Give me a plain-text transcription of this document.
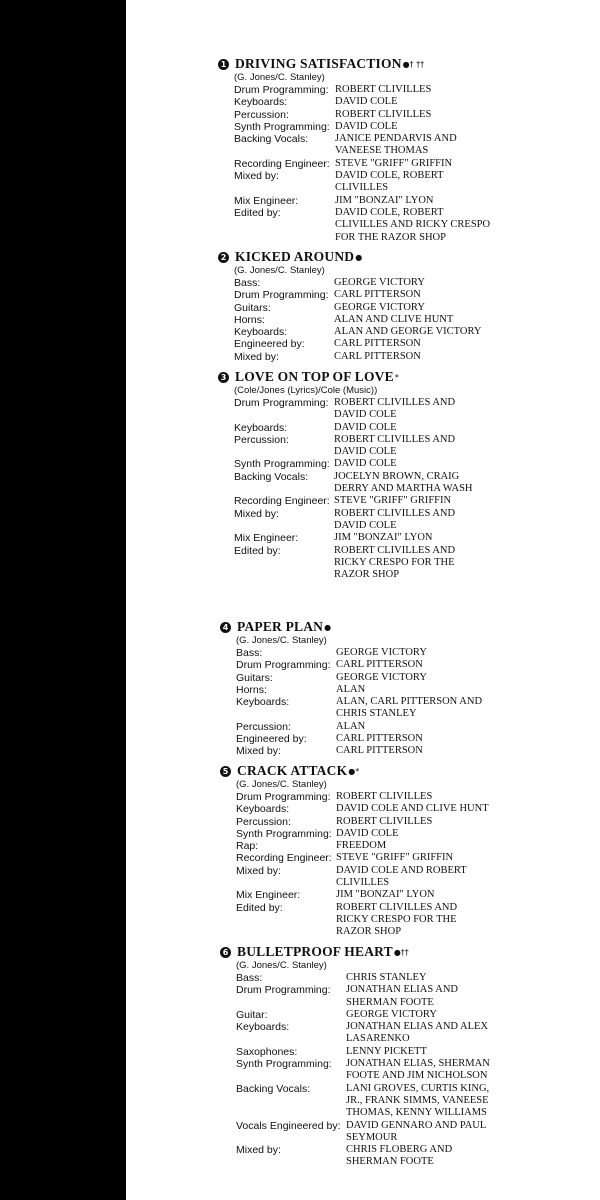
1 DRIVING SATISFACTION ●† ††
(G. Jones/C. Stanley)
Drum Programming: ROBERT CLIVILLES
Keyboards:	DAVID COLE
Percussion:	ROBERT CLIVILLES
Synth Programming: DAVID COLE
Backing Vocals:	JANICE PENDARVIS AND
VANEESE THOMAS
Recording Engineer: STEVE "GRIFF" GRIFFIN
Mixed by:	DAVID COLE, ROBERT
CLIVILLES
Mix Engineer:	JIM "BONZAI" LYON
Edited by:	DAVID COLE, ROBERT
CLIVILLES AND RICKY CRESPO
FOR THE RAZOR SHOP
2 KICKED AROUND ●
(G. Jones/C. Stanley)
Bass:	GEORGE VICTORY
Drum Programming: CARL PITTERSON
Guitars:	GEORGE VICTORY
Horns:	ALAN AND CLIVE HUNT
Keyboards:	ALAN AND GEORGE VICTORY
Engineered by:	CARL PITTERSON
Mixed by:	CARL PITTERSON
3 LOVE ON TOP OF LOVE *
(Cole/Jones (Lyrics)/Cole (Music))
Drum Programming: ROBERT CLIVILLES AND
DAVID COLE
Keyboards:	DAVID COLE
Percussion:	ROBERT CLIVILLES AND
DAVID COLE
Synth Programming: DAVID COLE
Backing Vocals:	JOCELYN BROWN, CRAIG
DERRY AND MARTHA WASH
Recording Engineer: STEVE "GRIFF" GRIFFIN
Mixed by:	ROBERT CLIVILLES AND
DAVID COLE
Mix Engineer:	JIM "BONZAI" LYON
Edited by:	ROBERT CLIVILLES AND
RICKY CRESPO FOR THE
RAZOR SHOP
4 PAPER PLAN ●
(G. Jones/C. Stanley)
Bass:	GEORGE VICTORY
Drum Programming: CARL PITTERSON
Guitars:	GEORGE VICTORY
Horns:	ALAN
Keyboards:	ALAN, CARL PITTERSON AND
CHRIS STANLEY
Percussion:	ALAN
Engineered by:	CARL PITTERSON
Mixed by:	CARL PITTERSON
5 CRACK ATTACK ●*
(G. Jones/C. Stanley)
Drum Programming: ROBERT CLIVILLES
Keyboards:	DAVID COLE AND CLIVE HUNT
Percussion:	ROBERT CLIVILLES
Synth Programming: DAVID COLE
Rap:	FREEDOM
Recording Engineer: STEVE "GRIFF" GRIFFIN
Mixed by:	DAVID COLE AND ROBERT
CLIVILLES
Mix Engineer:	JIM "BONZAI" LYON
Edited by:	ROBERT CLIVILLES AND
RICKY CRESPO FOR THE
RAZOR SHOP
6 BULLETPROOF HEART ●††
(G. Jones/C. Stanley)
Bass:	CHRIS STANLEY
Drum Programming:	JONATHAN ELIAS AND
SHERMAN FOOTE
Guitar:	GEORGE VICTORY
Keyboards:	JONATHAN ELIAS AND ALEX
LASARENKO
Saxophones:	LENNY PICKETT
Synth Programming:	JONATHAN ELIAS, SHERMAN
FOOTE AND JIM NICHOLSON
Backing Vocals:	LANI GROVES, CURTIS KING,
JR., FRANK SIMMS, VANEESE
THOMAS, KENNY WILLIAMS
Vocals Engineered by: DAVID GENNARO AND PAUL
SEYMOUR
Mixed by:	CHRIS FLOBERG AND
SHERMAN FOOTE
